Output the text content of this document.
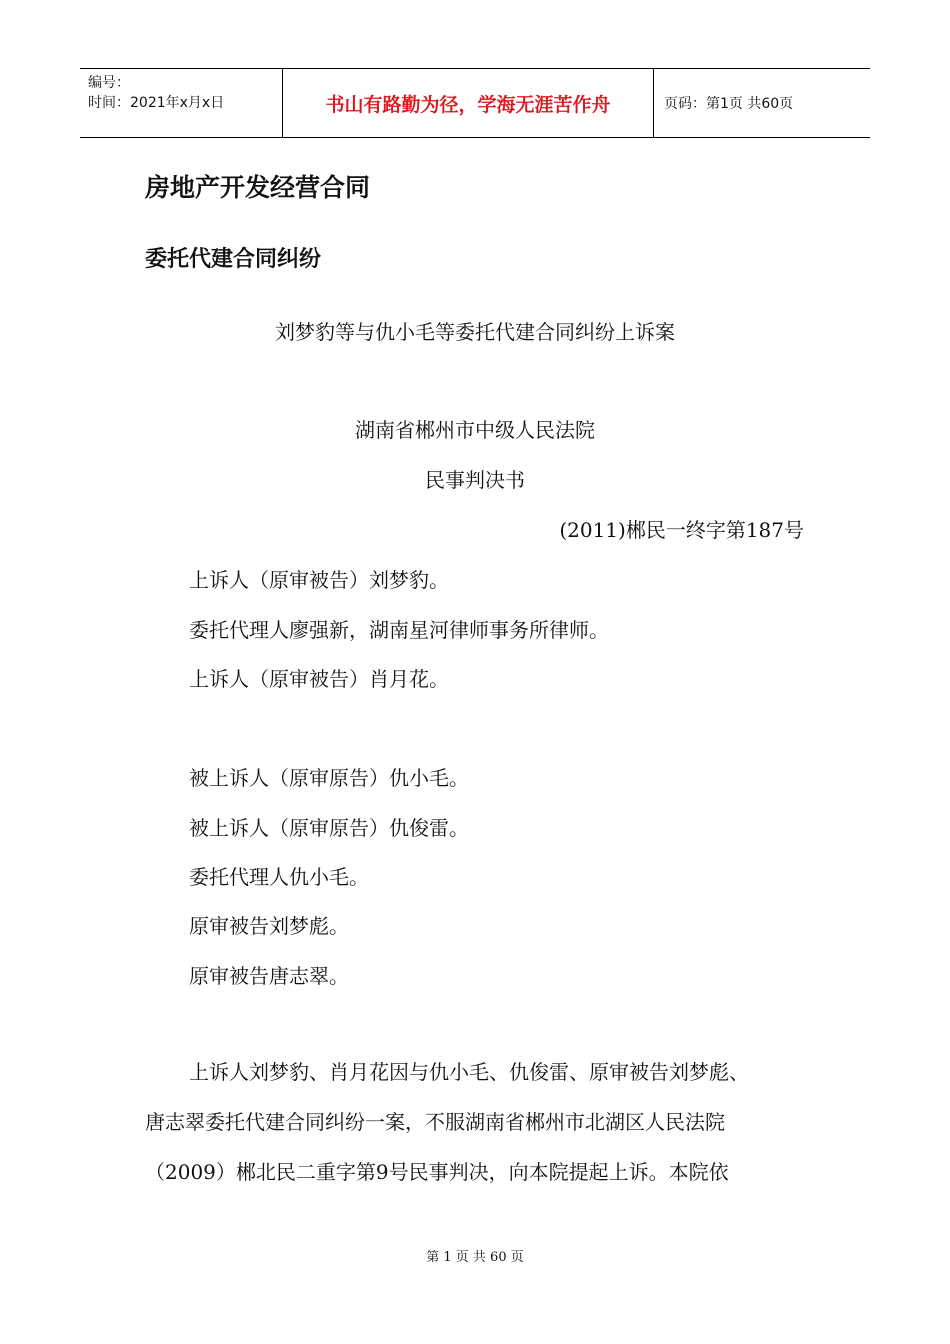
编号：
时间：2021年x月x日	书山有路勤为径，学海无涯苦作舟	页码：第1页 共60页
房地产开发经营合同
委托代建合同纠纷
刘梦豹等与仇小毛等委托代建合同纠纷上诉案
湖南省郴州市中级人民法院
民事判决书
(2011)郴民一终字第187号
上诉人（原审被告）刘梦豹。
委托代理人廖强新，湖南星河律师事务所律师。
上诉人（原审被告）肖月花。
被上诉人（原审原告）仇小毛。
被上诉人（原审原告）仇俊雷。
委托代理人仇小毛。
原审被告刘梦彪。
原审被告唐志翠。

上诉人刘梦豹、肖月花因与仇小毛、仇俊雷、原审被告刘梦彪、

唐志翠委托代建合同纠纷一案，不服湖南省郴州市北湖区人民法院

（2009）郴北民二重字第9号民事判决，向本院提起上诉。本院依

第 1 页 共 60 页
